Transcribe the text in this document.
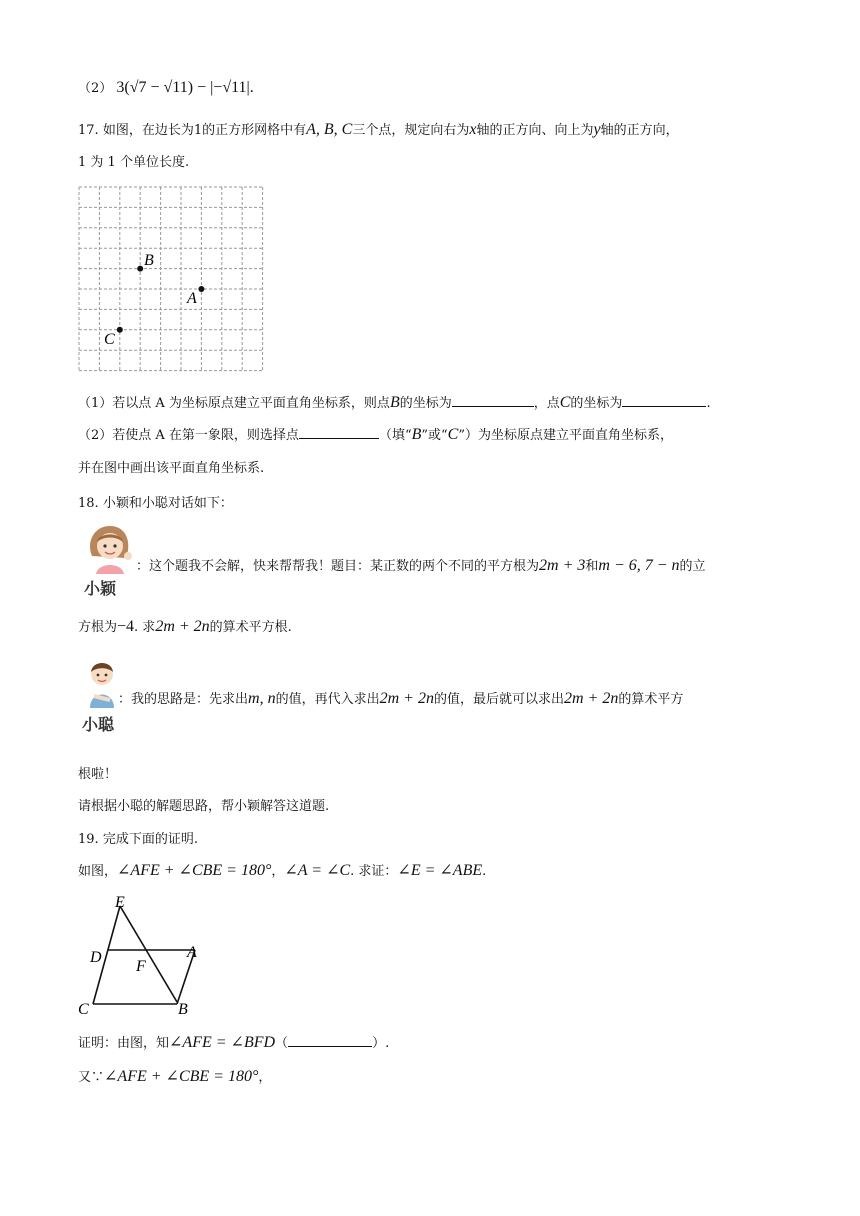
（2） 3(√7 − √11) − |−√11|.
17. 如图，在边长为1的正方形网格中有A, B, C三个点，规定向右为x轴的正方向、向上为y轴的正方向，
1 为 1 个单位长度.
B
A
C
（1）若以点 A 为坐标原点建立平面直角坐标系，则点B的坐标为	，点C的坐标为	.
（2）若使点 A 在第一象限，则选择点	（填“B”或“C”）为坐标原点建立平面直角坐标系，
并在图中画出该平面直角坐标系.
18. 小颖和小聪对话如下：
小颖
：这个题我不会解，快来帮帮我！题目：某正数的两个不同的平方根为2m + 3和m − 6, 7 − n的立
方根为−4. 求2m + 2n的算术平方根.
小聪
：我的思路是：先求出m, n的值，再代入求出2m + 2n的值，最后就可以求出2m + 2n的算术平方
根啦！
请根据小聪的解题思路，帮小颖解答这道题.
19. 完成下面的证明.
如图，∠AFE + ∠CBE = 180°，∠A = ∠C. 求证：∠E = ∠ABE.
E
D
F
A
C	B
证明：由图，知∠AFE = ∠BFD（	）.
又∵∠AFE + ∠CBE = 180°，
